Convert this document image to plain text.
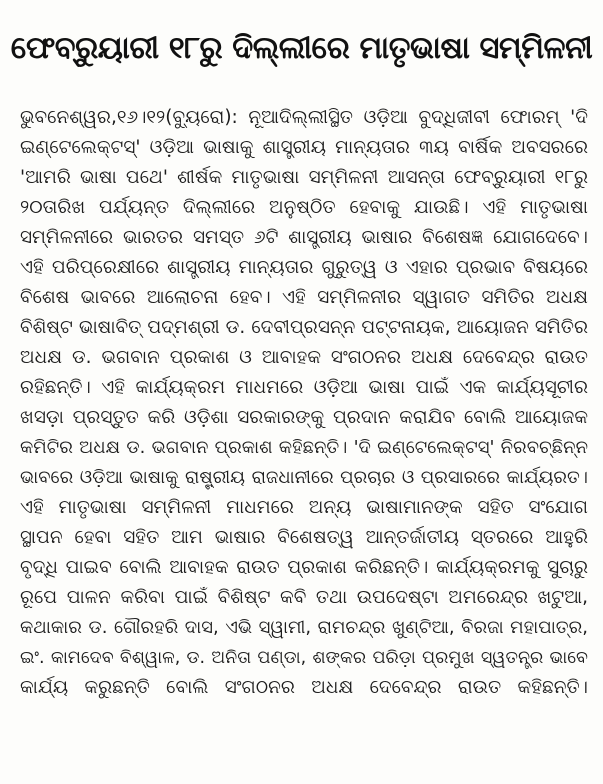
ଫେବ୍ରୁୟାରୀ ୧୮ରୁ ଦିଲ୍ଲୀରେ ମାତୃଭାଷା ସମ୍ମିଳନୀ
ଭୁବନେଶ୍ୱର,୧୬।୧୨(ବ୍ୟୁରୋ): ନୂଆଦିଲ୍ଲୀସ୍ଥିତ ଓଡ଼ିଆ ବୁଦ୍ଧିଜୀବୀ ଫୋରମ୍ 'ଦି
ଇଣ୍ଟେଲେକ୍ଟସ୍' ଓଡ଼ିଆ ଭାଷାକୁ ଶାସ୍ତ୍ରୀୟ ମାନ୍ୟତାର ୩ୟ ବାର୍ଷିକ ଅବସରରେ
'ଆମରି ଭାଷା ପଥେ' ଶୀର୍ଷକ ମାତୃଭାଷା ସମ୍ମିଳନୀ ଆସନ୍ତା ଫେବ୍ରୁୟାରୀ ୧୮ରୁ
୨୦ତାରିଖ ପର୍ଯ୍ୟନ୍ତ ଦିଲ୍ଲୀରେ ଅନୁଷ୍ଠିତ ହେବାକୁ ଯାଉଛି। ଏହି ମାତୃଭାଷା
ସମ୍ମିଳନୀରେ ଭାରତର ସମସ୍ତ ୬ଟି ଶାସ୍ତ୍ରୀୟ ଭାଷାର ବିଶେଷଜ୍ଞ ଯୋଗଦେବେ।
ଏହି ପରିପ୍ରେକ୍ଷୀରେ ଶାସ୍ତ୍ରୀୟ ମାନ୍ୟତାର ଗୁରୁତ୍ୱ ଓ ଏହାର ପ୍ରଭାବ ବିଷୟରେ
ବିଶେଷ ଭାବରେ ଆଲୋଚନା ହେବ। ଏହି ସମ୍ମିଳନୀର ସ୍ୱାଗତ ସମିତିର ଅଧକ୍ଷ
ବିଶିଷ୍ଟ ଭାଷାବିତ୍ ପଦ୍ମଶ୍ରୀ ଡ. ଦେବୀପ୍ରସନ୍ନ ପଟ୍ଟନାୟକ, ଆୟୋଜନ ସମିତିର
ଅଧକ୍ଷ ଡ. ଭଗବାନ ପ୍ରକାଶ ଓ ଆବାହକ ସଂଗଠନର ଅଧକ୍ଷ ଦେବେନ୍ଦ୍ର ରାଉତ
ରହିଛନ୍ତି। ଏହି କାର୍ଯ୍ୟକ୍ରମ ମାଧମରେ ଓଡ଼ିଆ ଭାଷା ପାଇଁ ଏକ କାର୍ଯ୍ୟସୂଚୀର
ଖସଡ଼ା ପ୍ରସ୍ତୁତ କରି ଓଡ଼ିଶା ସରକାରଙ୍କୁ ପ୍ରଦାନ କରାଯିବ ବୋଲି ଆୟୋଜକ
କମିଟିର ଅଧକ୍ଷ ଡ. ଭଗବାନ ପ୍ରକାଶ କହିଛନ୍ତି। 'ଦି ଇଣ୍ଟେଲେକ୍ଟସ୍' ନିରବଚ୍ଛିନ୍ନ
ଭାବରେ ଓଡ଼ିଆ ଭାଷାକୁ ରାଷ୍ଟ୍ରୀୟ ରାଜଧାନୀରେ ପ୍ରଚାର ଓ ପ୍ରସାରରେ କାର୍ଯ୍ୟରତ।
ଏହି ମାତୃଭାଷା ସମ୍ମିଳନୀ ମାଧମରେ ଅନ୍ୟ ଭାଷାମାନଙ୍କ ସହିତ ସଂଯୋଗ
ସ୍ଥାପନ ହେବା ସହିତ ଆମ ଭାଷାର ବିଶେଷତ୍ୱ ଆନ୍ତର୍ଜାତୀୟ ସ୍ତରରେ ଆହୁରି
ବୃଦ୍ଧି ପାଇବ ବୋଲି ଆବାହକ ରାଉତ ପ୍ରକାଶ କରିଛନ୍ତି। କାର୍ଯ୍ୟକ୍ରମକୁ ସୁଚାରୁ
ରୂପେ ପାଳନ କରିବା ପାଇଁ ବିଶିଷ୍ଟ କବି ତଥା ଉପଦେଷ୍ଟା ଅମରେନ୍ଦ୍ର ଖଟୁଆ,
କଥାକାର ଡ. ଗୌରହରି ଦାସ, ଏଭି ସ୍ୱାମୀ, ରାମଚନ୍ଦ୍ର ଖୁଣ୍ଟିଆ, ବିରଜା ମହାପାତ୍ର,
ଇଂ. କାମଦେବ ବିଶ୍ୱାଳ, ଡ. ଅନିତା ପଣ୍ଡା, ଶଙ୍କର ପରିଡ଼ା ପ୍ରମୁଖ ସ୍ୱତନ୍ତ୍ର ଭାବେ
କାର୍ଯ୍ୟ କରୁଛନ୍ତି ବୋଲି ସଂଗଠନର ଅଧକ୍ଷ ଦେବେନ୍ଦ୍ର ରାଉତ କହିଛନ୍ତି।
